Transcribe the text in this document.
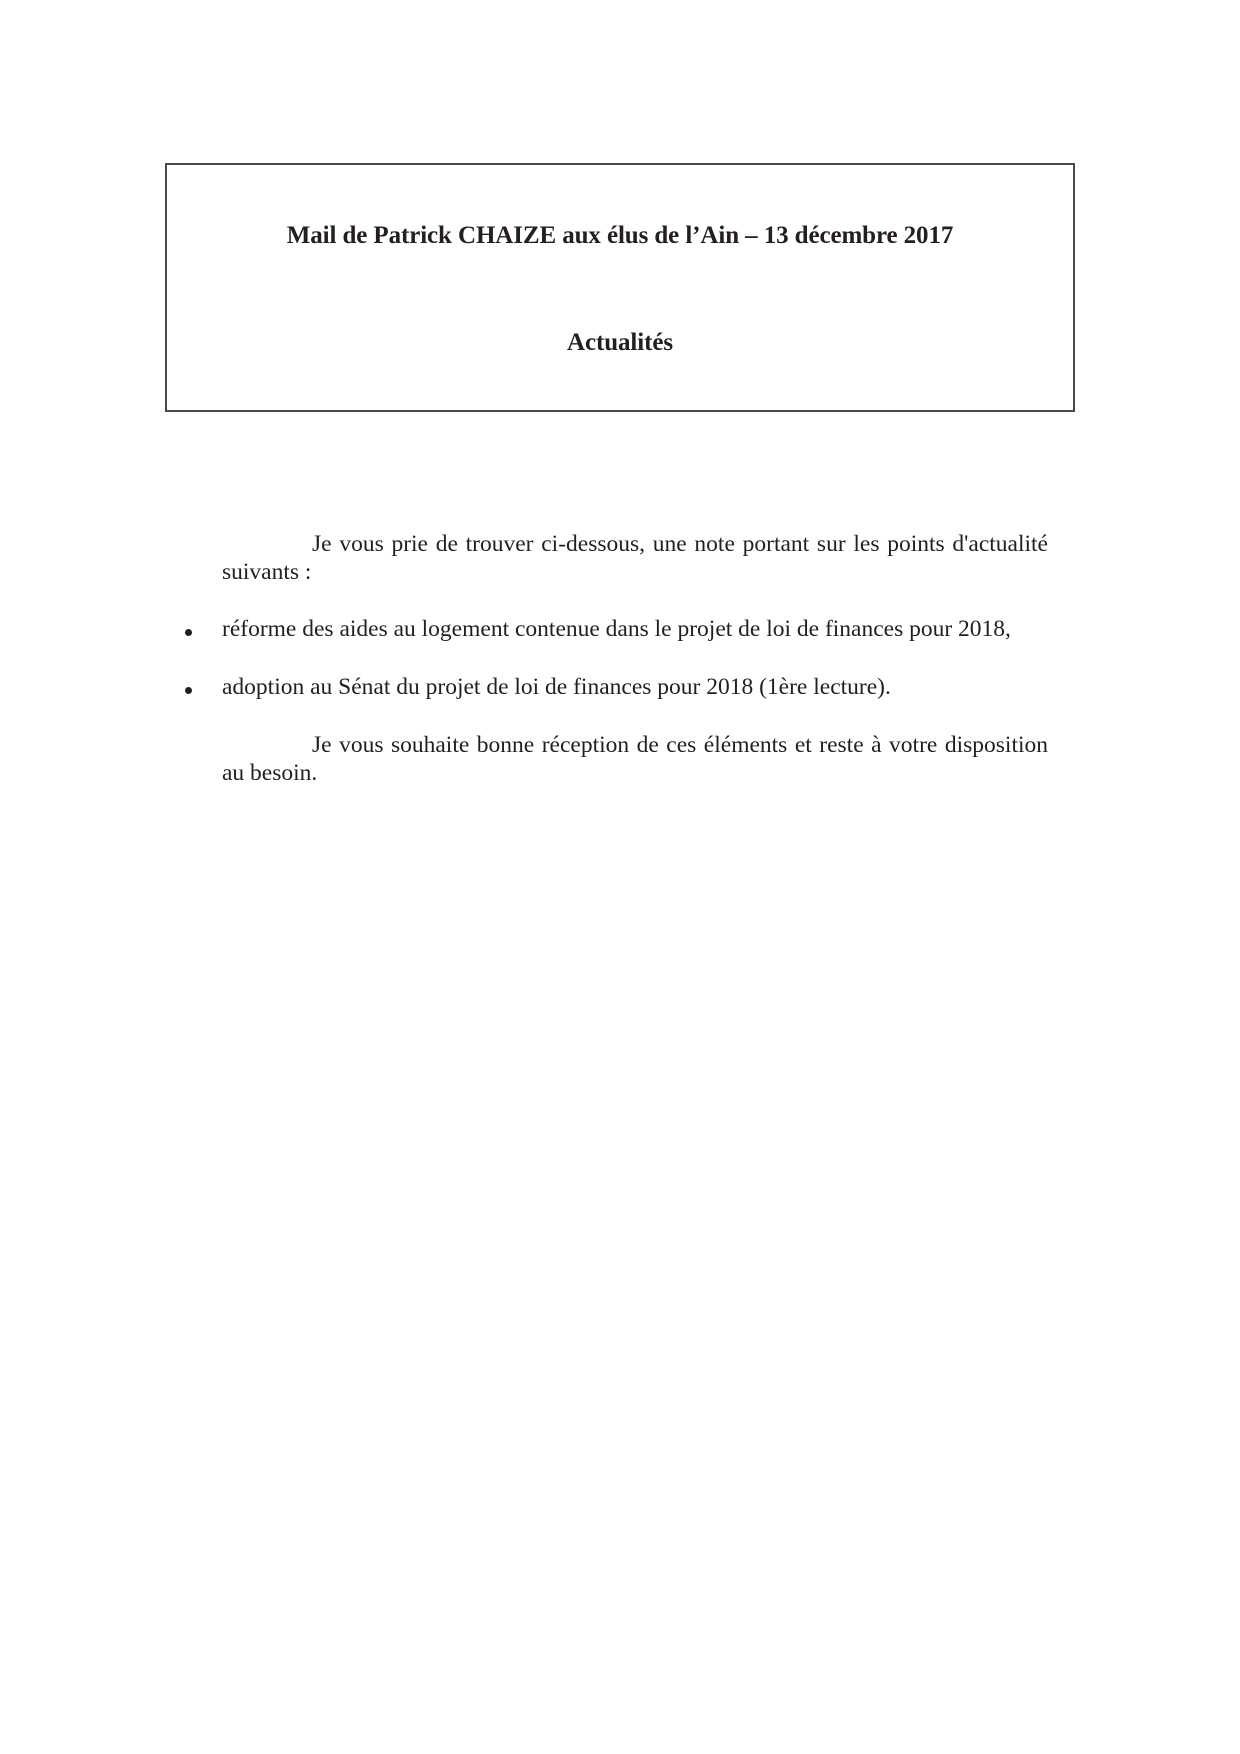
Mail de Patrick CHAIZE aux élus de l’Ain – 13 décembre 2017
Actualités

Je vous prie de trouver ci-dessous, une note portant sur les points d'actualité suivants :

réforme des aides au logement contenue dans le projet de loi de finances pour 2018,
adoption au Sénat du projet de loi de finances pour 2018 (1ère lecture).

Je vous souhaite bonne réception de ces éléments et reste à votre disposition au besoin.
